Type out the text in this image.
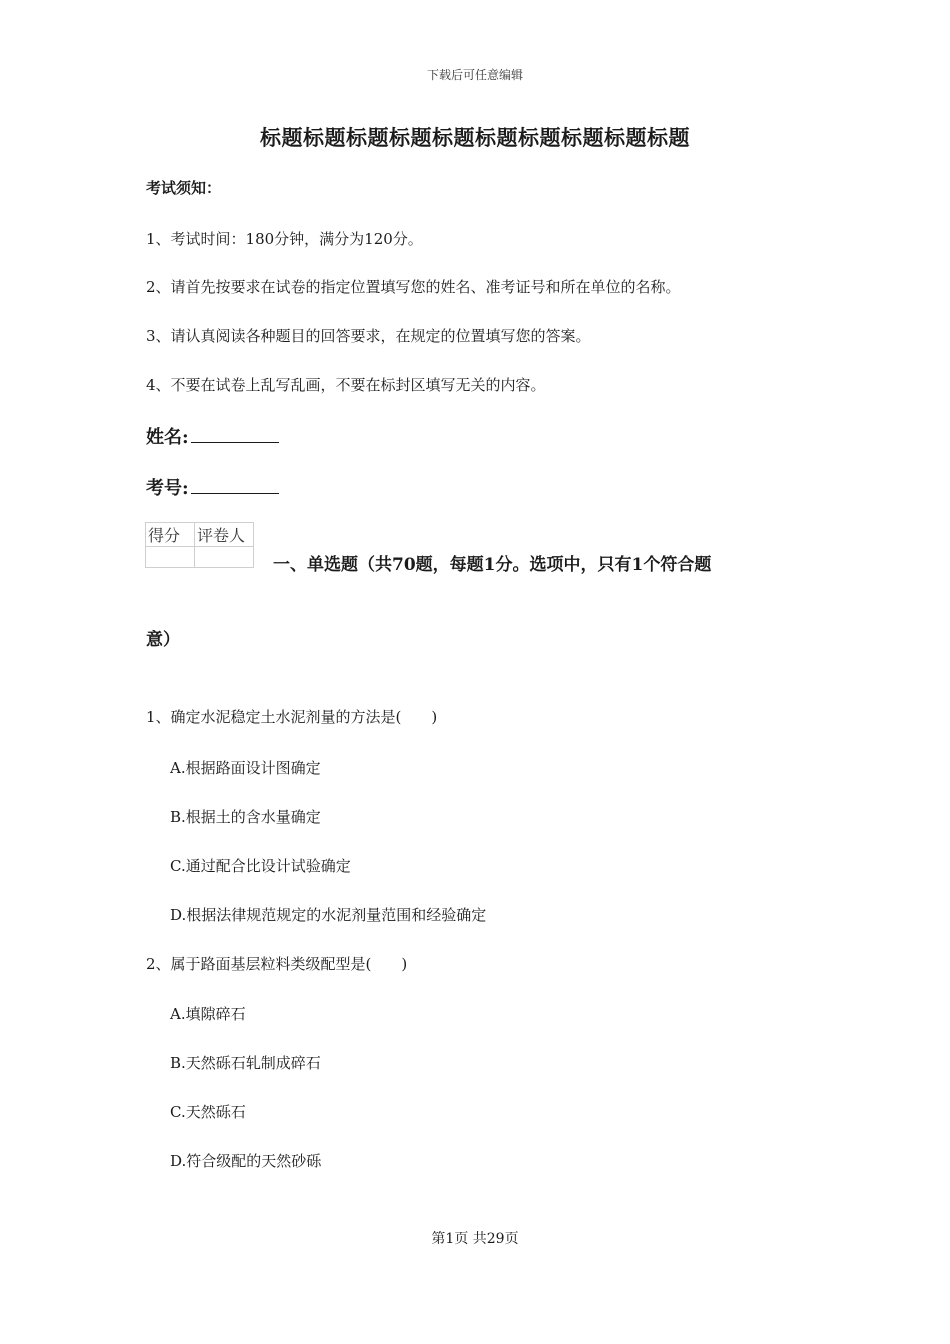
下载后可任意编辑
标题标题标题标题标题标题标题标题标题标题
考试须知：
1、考试时间：180分钟，满分为120分。
2、请首先按要求在试卷的指定位置填写您的姓名、准考证号和所在单位的名称。
3、请认真阅读各种题目的回答要求，在规定的位置填写您的答案。
4、不要在试卷上乱写乱画，不要在标封区填写无关的内容。
姓名:
考号:
得分	评卷人

一、单选题（共70题，每题1分。选项中，只有1个符合题
意）
1、确定水泥稳定土水泥剂量的方法是(　　)
A.根据路面设计图确定
B.根据土的含水量确定
C.通过配合比设计试验确定
D.根据法律规范规定的水泥剂量范围和经验确定
2、属于路面基层粒料类级配型是(　　)
A.填隙碎石
B.天然砾石轧制成碎石
C.天然砾石
D.符合级配的天然砂砾
第1页 共29页
